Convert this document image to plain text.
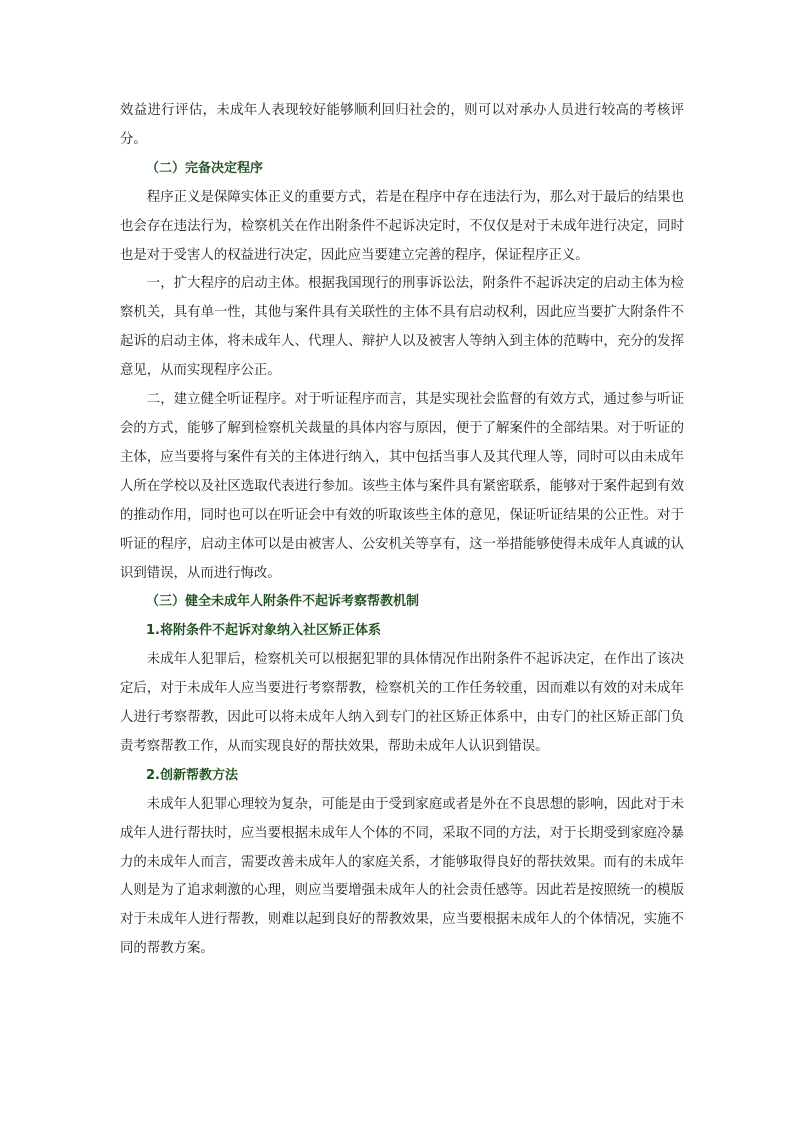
效益进行评估，未成年人表现较好能够顺利回归社会的，则可以对承办人员进行较高的考核评分。

（二）完备决定程序

程序正义是保障实体正义的重要方式，若是在程序中存在违法行为，那么对于最后的结果也也会存在违法行为，检察机关在作出附条件不起诉决定时，不仅仅是对于未成年进行决定，同时也是对于受害人的权益进行决定，因此应当要建立完善的程序，保证程序正义。

一，扩大程序的启动主体。根据我国现行的刑事诉讼法，附条件不起诉决定的启动主体为检察机关，具有单一性，其他与案件具有关联性的主体不具有启动权利，因此应当要扩大附条件不起诉的启动主体，将未成年人、代理人、辩护人以及被害人等纳入到主体的范畴中，充分的发挥意见，从而实现程序公正。

二，建立健全听证程序。对于听证程序而言，其是实现社会监督的有效方式，通过参与听证会的方式，能够了解到检察机关裁量的具体内容与原因，便于了解案件的全部结果。对于听证的主体，应当要将与案件有关的主体进行纳入，其中包括当事人及其代理人等，同时可以由未成年人所在学校以及社区选取代表进行参加。该些主体与案件具有紧密联系，能够对于案件起到有效的推动作用，同时也可以在听证会中有效的听取该些主体的意见，保证听证结果的公正性。对于听证的程序，启动主体可以是由被害人、公安机关等享有，这一举措能够使得未成年人真诚的认识到错误，从而进行悔改。

（三）健全未成年人附条件不起诉考察帮教机制

1.将附条件不起诉对象纳入社区矫正体系

未成年人犯罪后，检察机关可以根据犯罪的具体情况作出附条件不起诉决定，在作出了该决定后，对于未成年人应当要进行考察帮教，检察机关的工作任务较重，因而难以有效的对未成年人进行考察帮教，因此可以将未成年人纳入到专门的社区矫正体系中，由专门的社区矫正部门负责考察帮教工作，从而实现良好的帮扶效果，帮助未成年人认识到错误。

2.创新帮教方法

未成年人犯罪心理较为复杂，可能是由于受到家庭或者是外在不良思想的影响，因此对于未成年人进行帮扶时，应当要根据未成年人个体的不同，采取不同的方法，对于长期受到家庭冷暴力的未成年人而言，需要改善未成年人的家庭关系，才能够取得良好的帮扶效果。而有的未成年人则是为了追求刺激的心理，则应当要增强未成年人的社会责任感等。因此若是按照统一的模版对于未成年人进行帮教，则难以起到良好的帮教效果，应当要根据未成年人的个体情况，实施不同的帮教方案。
